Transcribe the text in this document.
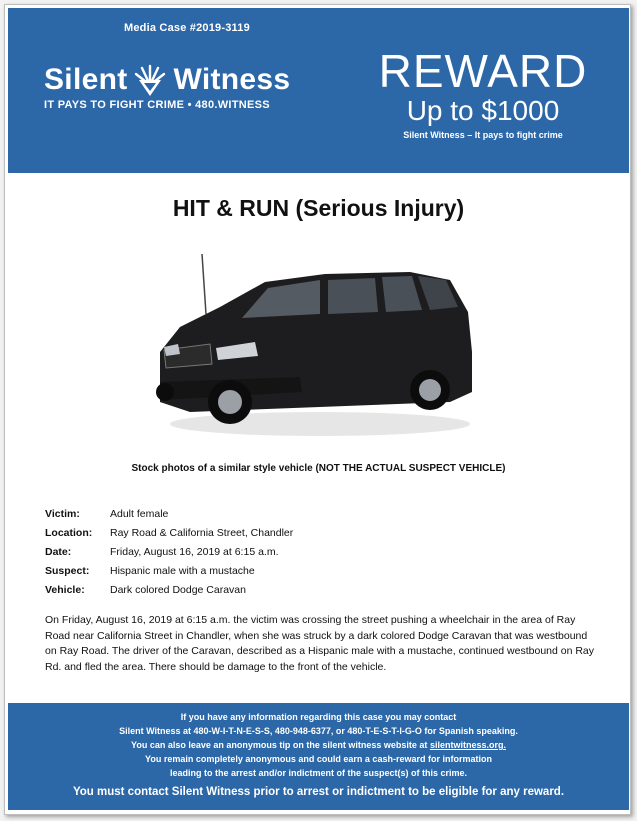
Media Case #2019-3119
Silent Witness
IT PAYS TO FIGHT CRIME • 480.WITNESS
REWARD
Up to $1000
Silent Witness – It pays to fight crime
HIT & RUN (Serious Injury)
Stock photos of a similar style vehicle (NOT THE ACTUAL SUSPECT VEHICLE)
Victim:	Adult female
Location:	Ray Road & California Street, Chandler
Date:	Friday, August 16, 2019 at 6:15 a.m.
Suspect:	Hispanic male with a mustache
Vehicle:	Dark colored Dodge Caravan
On Friday, August 16, 2019 at 6:15 a.m. the victim was crossing the street pushing a wheelchair in the area of Ray Road near California Street in Chandler, when she was struck by a dark colored Dodge Caravan that was westbound on Ray Road. The driver of the Caravan, described as a Hispanic male with a mustache, continued westbound on Ray Rd. and fled the area. There should be damage to the front of the vehicle.
If you have any information regarding this case you may contact
Silent Witness at 480-W-I-T-N-E-S-S, 480-948-6377, or 480-T-E-S-T-I-G-O for Spanish speaking.
You can also leave an anonymous tip on the silent witness website at silentwitness.org.
You remain completely anonymous and could earn a cash-reward for information
leading to the arrest and/or indictment of the suspect(s) of this crime.
You must contact Silent Witness prior to arrest or indictment to be eligible for any reward.
